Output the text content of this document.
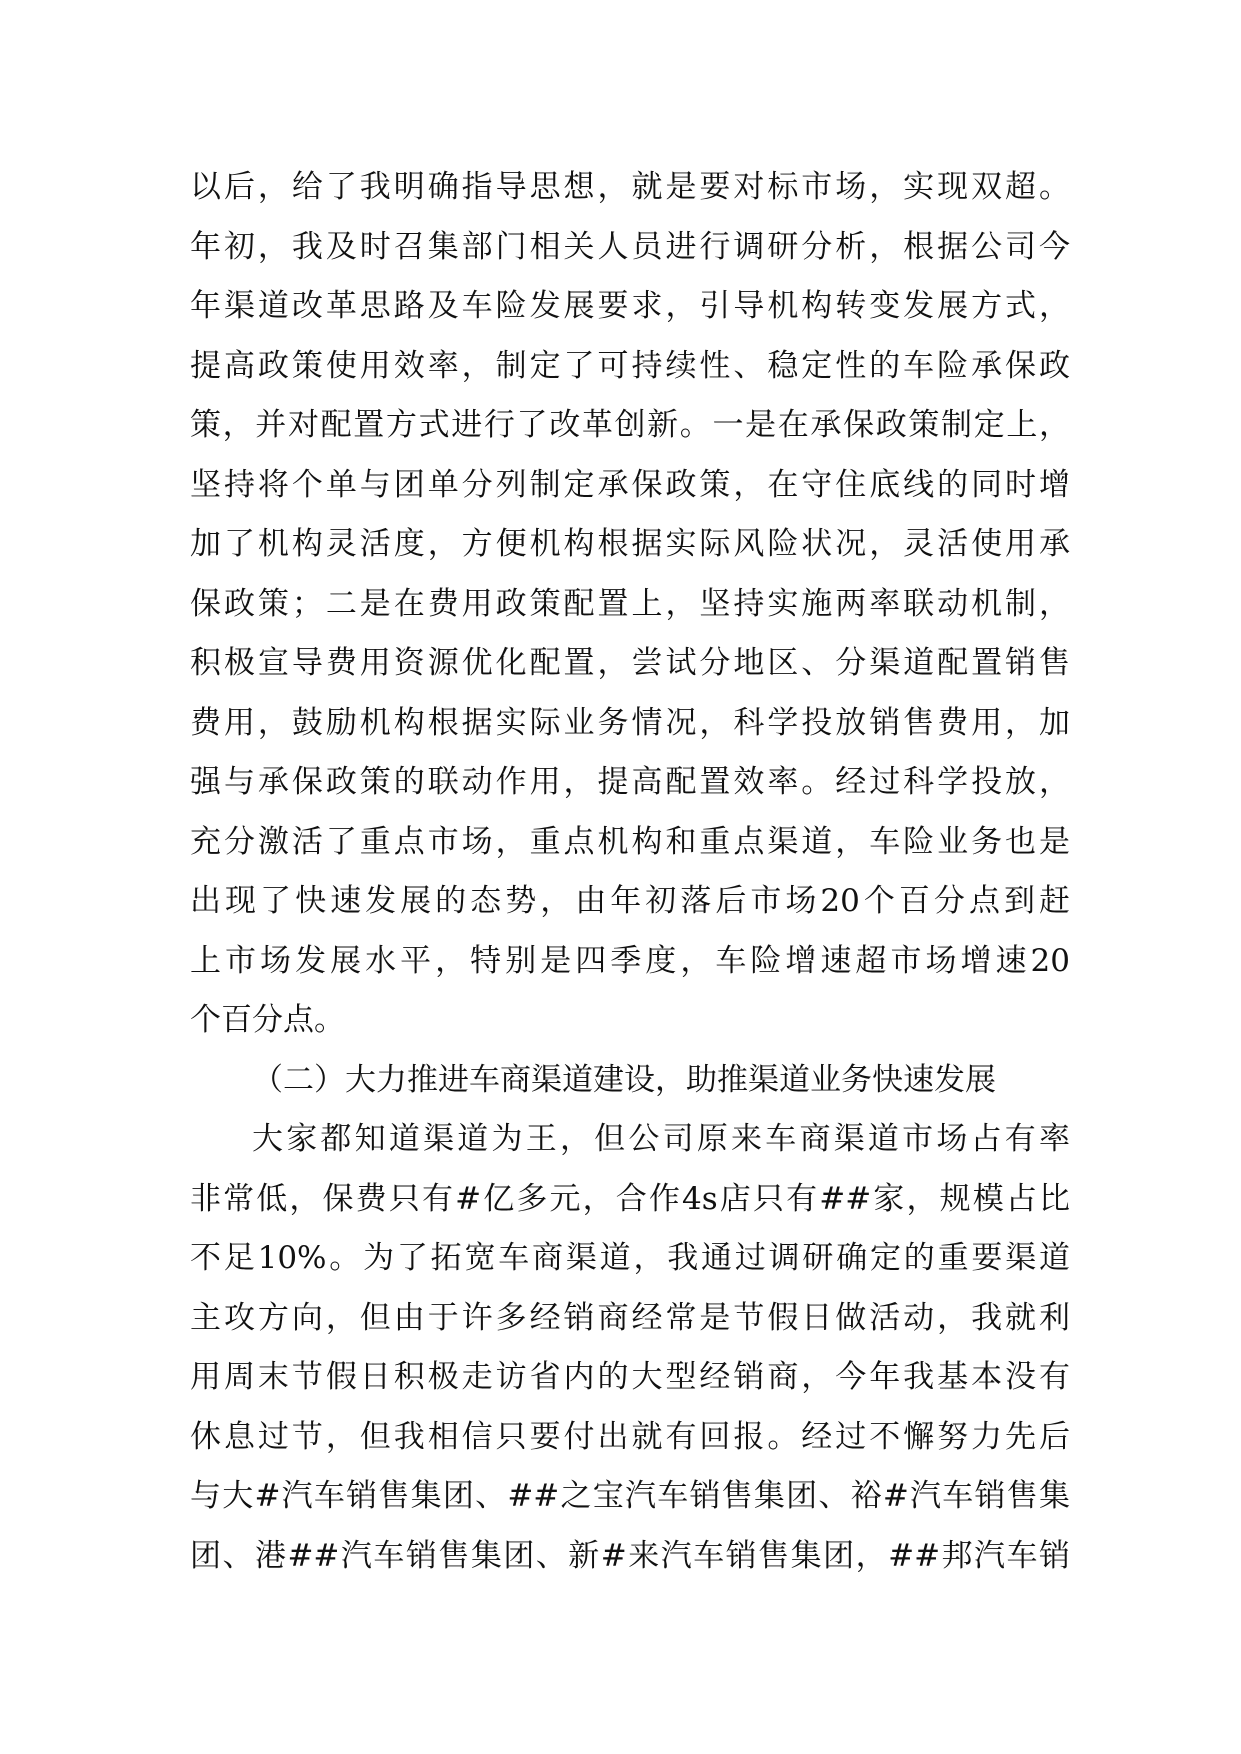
以后，给了我明确指导思想，就是要对标市场，实现双超。
年初，我及时召集部门相关人员进行调研分析，根据公司今
年渠道改革思路及车险发展要求，引导机构转变发展方式，
提高政策使用效率，制定了可持续性、稳定性的车险承保政
策，并对配置方式进行了改革创新。一是在承保政策制定上，
坚持将个单与团单分列制定承保政策，在守住底线的同时增
加了机构灵活度，方便机构根据实际风险状况，灵活使用承
保政策；二是在费用政策配置上，坚持实施两率联动机制，
积极宣导费用资源优化配置，尝试分地区、分渠道配置销售
费用，鼓励机构根据实际业务情况，科学投放销售费用，加
强与承保政策的联动作用，提高配置效率。经过科学投放，
充分激活了重点市场，重点机构和重点渠道，车险业务也是
出现了快速发展的态势，由年初落后市场20个百分点到赶
上市场发展水平，特别是四季度，车险增速超市场增速20
个百分点。
（二）大力推进车商渠道建设，助推渠道业务快速发展
大家都知道渠道为王，但公司原来车商渠道市场占有率
非常低，保费只有#亿多元，合作4s店只有##家，规模占比
不足10%。为了拓宽车商渠道，我通过调研确定的重要渠道
主攻方向，但由于许多经销商经常是节假日做活动，我就利
用周末节假日积极走访省内的大型经销商，今年我基本没有
休息过节，但我相信只要付出就有回报。经过不懈努力先后
与大#汽车销售集团、##之宝汽车销售集团、裕#汽车销售集
团、港##汽车销售集团、新#来汽车销售集团，##邦汽车销
